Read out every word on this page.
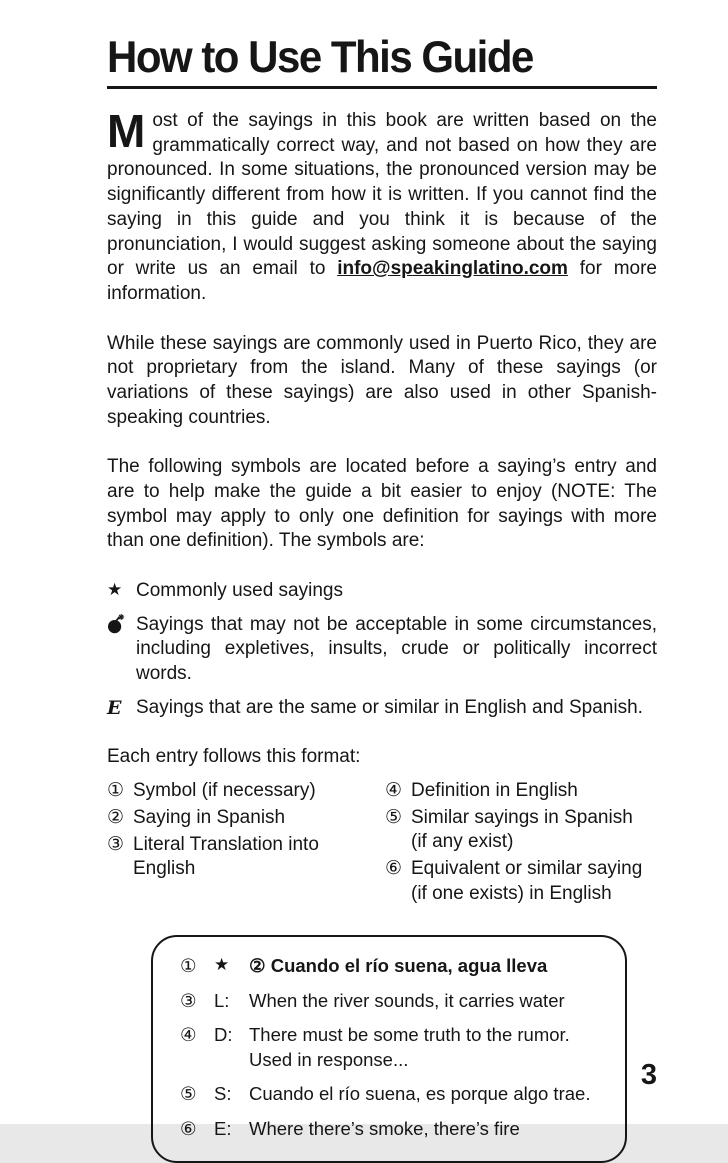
How to Use This Guide

Most of the sayings in this book are written based on the grammatically correct way, and not based on how they are pronounced. In some situations, the pronounced version may be significantly different from how it is written. If you cannot find the saying in this guide and you think it is because of the pronunciation, I would suggest asking someone about the saying or write us an email to info@speakinglatino.com for more information.

While these sayings are commonly used in Puerto Rico, they are not proprietary from the island. Many of these sayings (or variations of these sayings) are also used in other Spanish-speaking countries.

The following symbols are located before a saying’s entry and are to help make the guide a bit easier to enjoy (NOTE: The symbol may apply to only one definition for sayings with more than one definition). The symbols are:

★ Commonly used sayings
Sayings that may not be acceptable in some circumstances, including expletives, insults, crude or politically incorrect words.
E Sayings that are the same or similar in English and Spanish.
Each entry follows this format:
① Symbol (if necessary)
② Saying in Spanish
③ Literal Translation into English
④ Definition in English
⑤ Similar sayings in Spanish (if any exist)
⑥ Equivalent or similar saying (if one exists) in English
①	★	② Cuando el río suena, agua lleva
③ L:	When the river sounds, it carries water
④ D: There must be some truth to the rumor.
Used in response...
⑤ S: Cuando el río suena, es porque algo trae.
⑥ E: Where there’s smoke, there’s fire
3
